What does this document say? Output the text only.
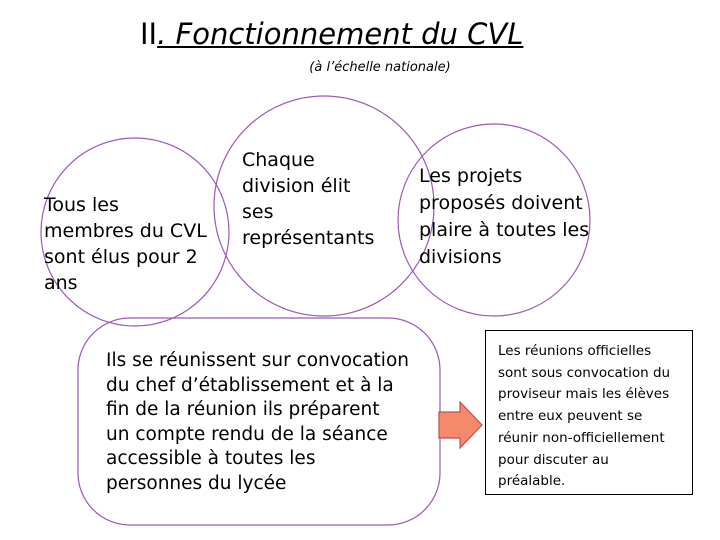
II. Fonctionnement du CVL
(à l’échelle nationale)
Tous les
membres du CVL
sont élus pour 2
ans
Chaque
division élit
ses
représentants
Les projets
proposés doivent
plaire à toutes les
divisions
Ils se réunissent sur convocation
du chef d’établissement et à la
fin de la réunion ils préparent
un compte rendu de la séance
accessible à toutes les
personnes du lycée
Les réunions officielles
sont sous convocation du
proviseur mais les élèves
entre eux peuvent se
réunir non-officiellement
pour discuter au
préalable.
